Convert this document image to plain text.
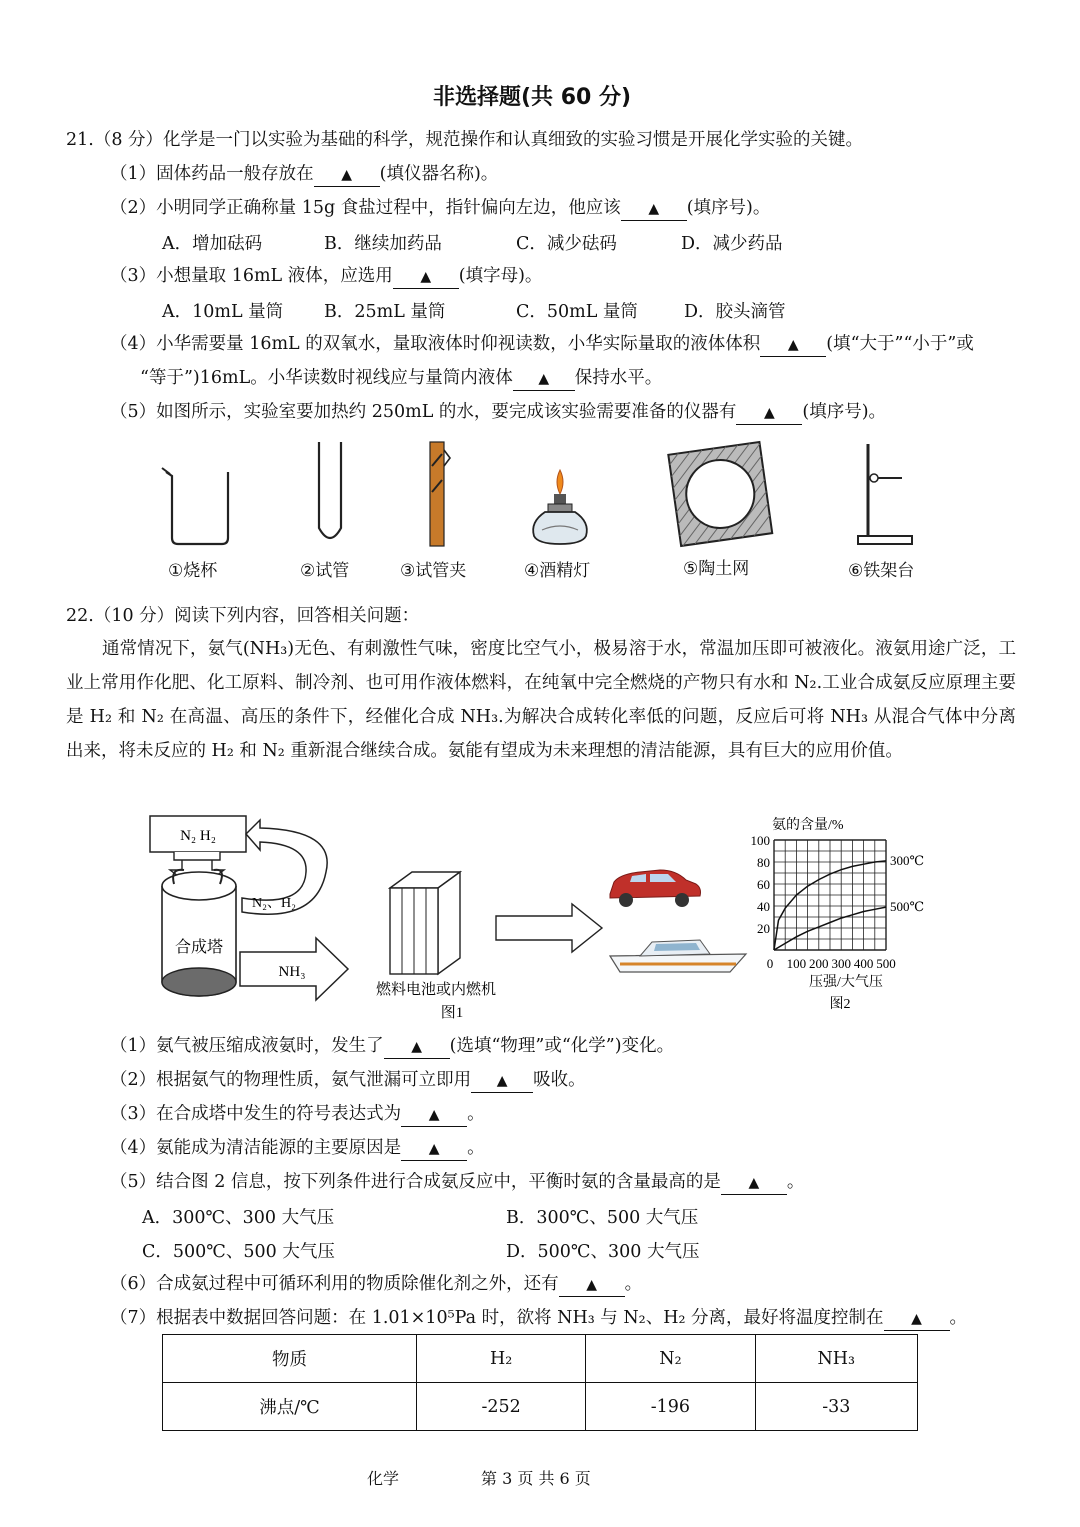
非选择题(共 60 分)
21.（8 分）化学是一门以实验为基础的科学，规范操作和认真细致的实验习惯是开展化学实验的关键。
（1）固体药品一般存放在 ▲ (填仪器名称)。
（2）小明同学正确称量 15g 食盐过程中，指针偏向左边，他应该 ▲ (填序号)。
A．增加砝码	B．继续加药品	C．减少砝码	D．减少药品
（3）小想量取 16mL 液体，应选用 ▲ (填字母)。
A．10mL 量筒 B．25mL 量筒	C．50mL 量筒	D．胶头滴管
（4）小华需要量 16mL 的双氧水，量取液体时仰视读数，小华实际量取的液体体积 ▲ (填“大于”“小于”或
“等于”)16mL。小华读数时视线应与量筒内液体 ▲ 保持水平。
（5）如图所示，实验室要加热约 250mL 的水，要完成该实验需要准备的仪器有 ▲ (填序号)。
①烧杯	②试管	③试管夹	④酒精灯	⑤陶土网	⑥铁架台
22.（10 分）阅读下列内容，回答相关问题：
通常情况下，氨气(NH₃)无色、有刺激性气味，密度比空气小，极易溶于水，常温加压即可被液化。液氨用途广泛，工业上常用作化肥、化工原料、制冷剂、也可用作液体燃料，在纯氧中完全燃烧的产物只有水和 N₂.工业合成氨反应原理主要是 H₂ 和 N₂ 在高温、高压的条件下，经催化合成 NH₃.为解决合成转化率低的问题，反应后可将 NH₃ 从混合气体中分离出来，将未反应的 H₂ 和 N₂ 重新混合继续合成。氨能有望成为未来理想的清洁能源，具有巨大的应用价值。
N₂ H₂
合成塔
N₂、H₂
NH₃
燃料电池或内燃机
图1
氨的含量/%
20
40
60
80
100
0 100 200 300 400 500
300℃
500℃
压强/大气压
图2
（1）氨气被压缩成液氨时，发生了 ▲ (选填“物理”或“化学”)变化。
（2）根据氨气的物理性质，氨气泄漏可立即用 ▲ 吸收。
（3）在合成塔中发生的符号表达式为 ▲ 。
（4）氨能成为清洁能源的主要原因是 ▲ 。
（5）结合图 2 信息，按下列条件进行合成氨反应中，平衡时氨的含量最高的是 ▲ 。
A．300℃、300 大气压	B．300℃、500 大气压
C．500℃、500 大气压	D．500℃、300 大气压
（6）合成氨过程中可循环利用的物质除催化剂之外，还有 ▲ 。
（7）根据表中数据回答问题：在 1.01×10⁵Pa 时，欲将 NH₃ 与 N₂、H₂ 分离，最好将温度控制在 ▲ 。
物质	H₂	N₂	NH₃
沸点/℃	-252	-196	-33
化学	第 3 页 共 6 页
